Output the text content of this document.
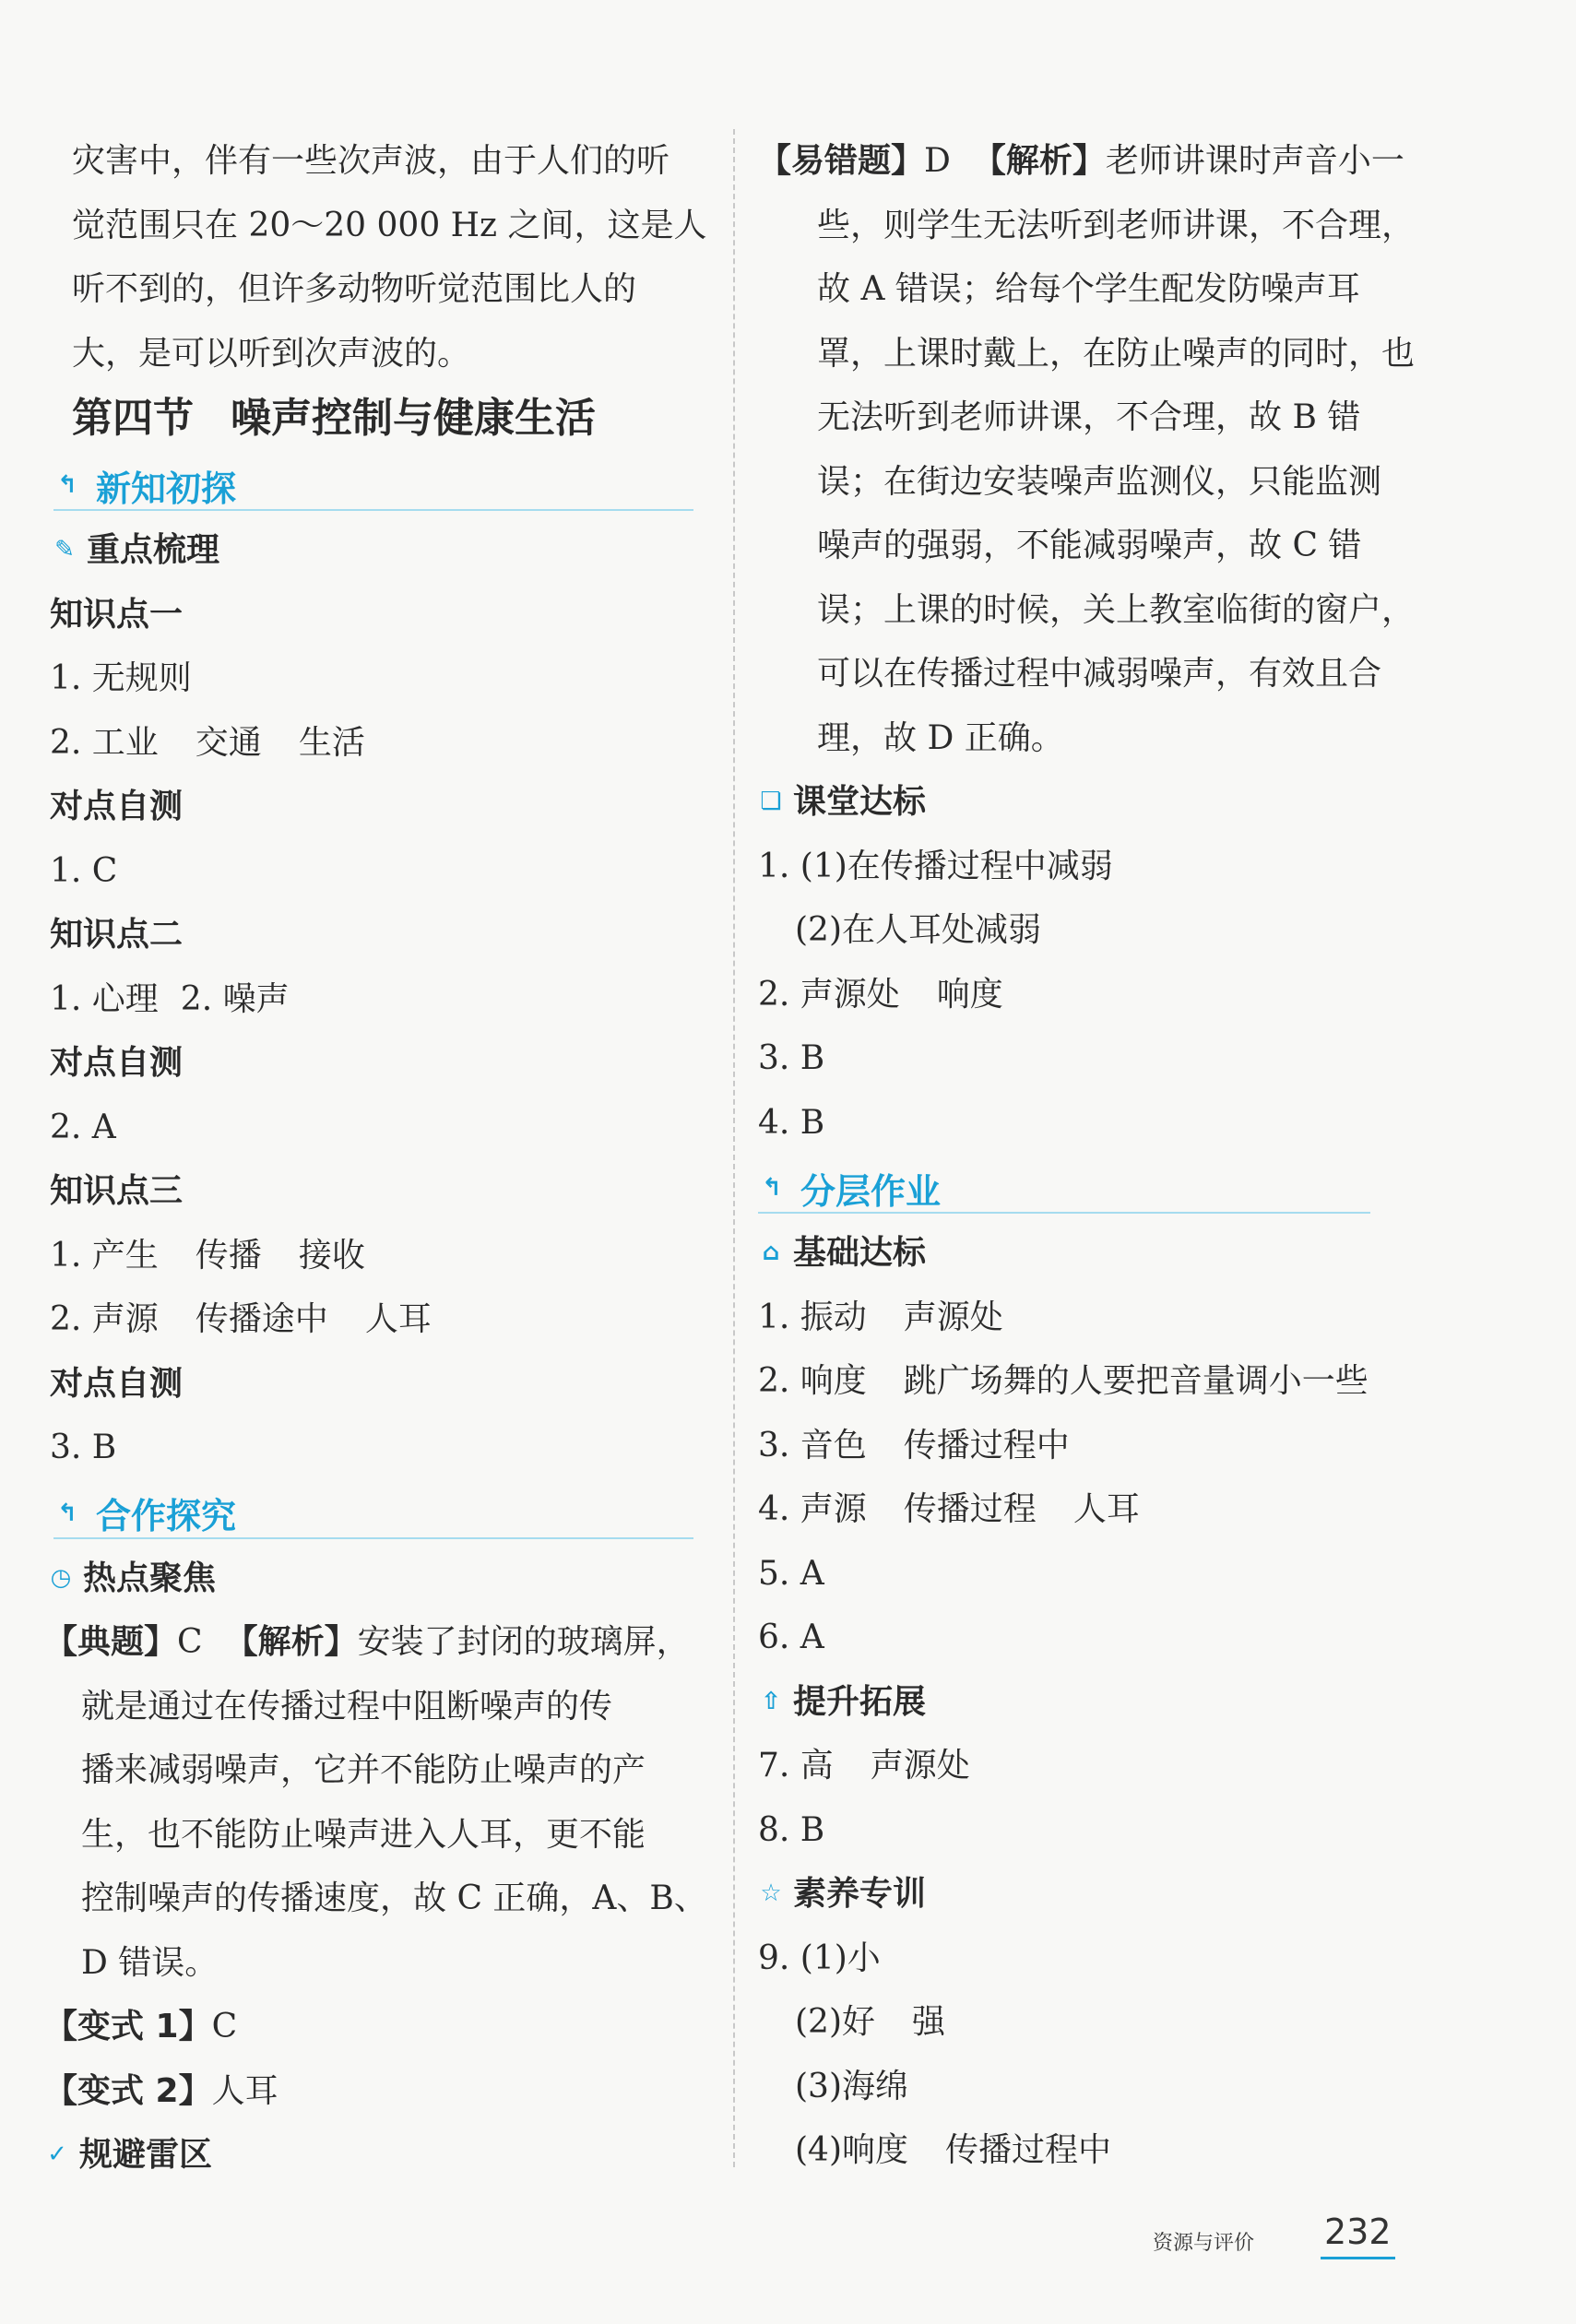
灾害中，伴有一些次声波，由于人们的听
觉范围只在 20～20 000 Hz 之间，这是人
听不到的，但许多动物听觉范围比人的
大，是可以听到次声波的。
第四节 噪声控制与健康生活
↰ 新知初探
✎ 重点梳理
知识点一
1. 无规则
2. 工业 交通 生活
对点自测
1. C
知识点二
1. 心理 2. 噪声
对点自测
2. A
知识点三
1. 产生 传播 接收
2. 声源 传播途中 人耳
对点自测
3. B
↰ 合作探究
◷ 热点聚焦
【典题】C 【解析】安装了封闭的玻璃屏，
就是通过在传播过程中阻断噪声的传
播来减弱噪声，它并不能防止噪声的产
生，也不能防止噪声进入人耳，更不能
控制噪声的传播速度，故 C 正确，A、B、
D 错误。
【变式 1】C
【变式 2】人耳
✓ 规避雷区
【易错题】D 【解析】老师讲课时声音小一
些，则学生无法听到老师讲课，不合理，
故 A 错误；给每个学生配发防噪声耳
罩，上课时戴上，在防止噪声的同时，也
无法听到老师讲课，不合理，故 B 错
误；在街边安装噪声监测仪，只能监测
噪声的强弱，不能减弱噪声，故 C 错
误；上课的时候，关上教室临街的窗户，
可以在传播过程中减弱噪声，有效且合
理，故 D 正确。
❏ 课堂达标
1. (1)在传播过程中减弱
(2)在人耳处减弱
2. 声源处 响度
3. B
4. B
↰ 分层作业
⌂ 基础达标
1. 振动 声源处
2. 响度 跳广场舞的人要把音量调小一些
3. 音色 传播过程中
4. 声源 传播过程 人耳
5. A
6. A
⇧ 提升拓展
7. 高 声源处
8. B
☆ 素养专训
9. (1)小
(2)好 强
(3)海绵
(4)响度 传播过程中
资源与评价 232
